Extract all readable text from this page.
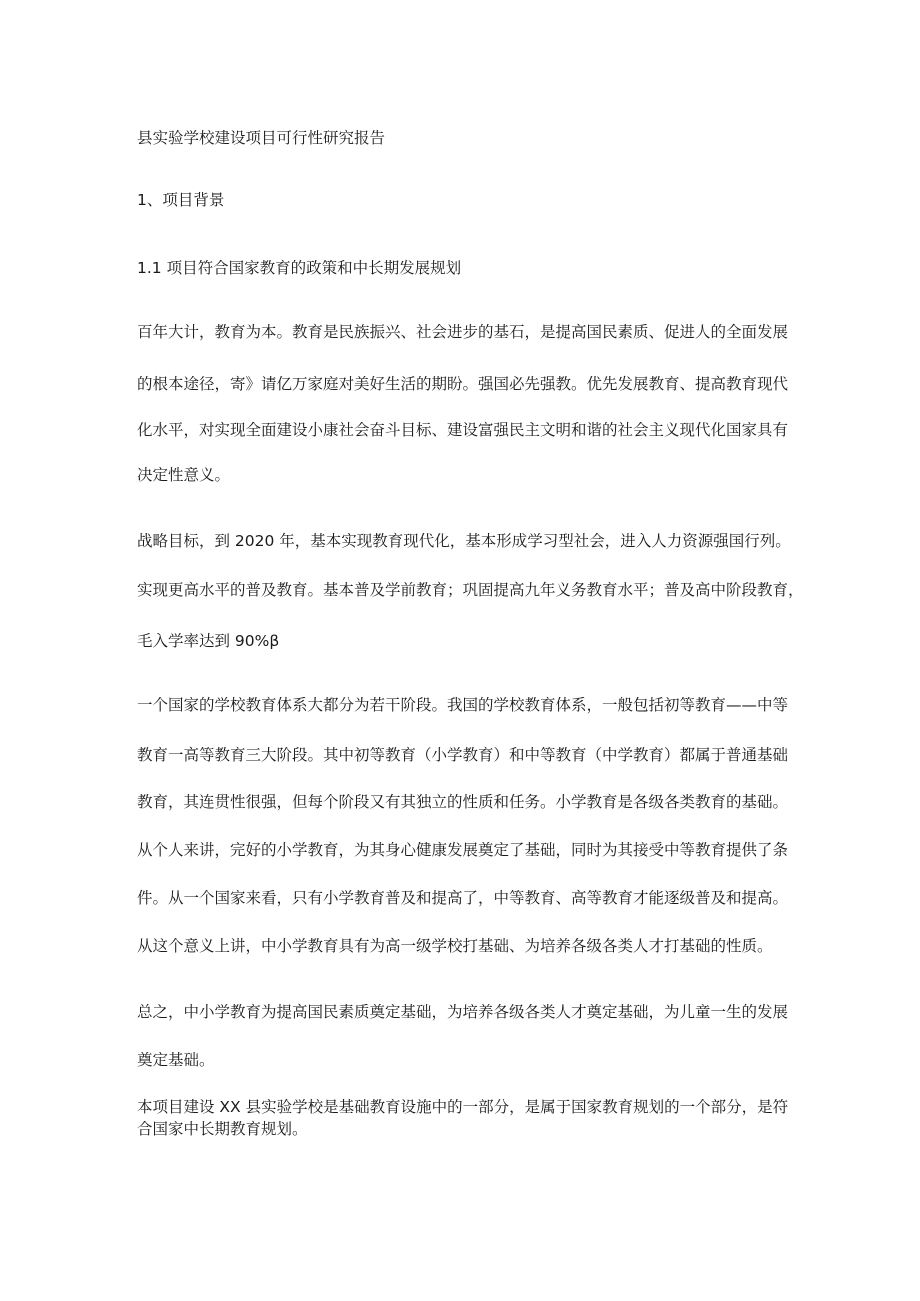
县实验学校建设项目可行性研究报告
1、项目背景
1.1 项目符合国家教育的政策和中长期发展规划
百年大计，教育为本。教育是民族振兴、社会进步的基石，是提高国民素质、促进人的全面发展
的根本途径，寄》请亿万家庭对美好生活的期盼。强国必先强教。优先发展教育、提高教育现代
化水平，对实现全面建设小康社会奋斗目标、建设富强民主文明和谐的社会主义现代化国家具有
决定性意义。
战略目标，到 2020 年，基本实现教育现代化，基本形成学习型社会，进入人力资源强国行列。
实现更高水平的普及教育。基本普及学前教育；巩固提高九年义务教育水平；普及高中阶段教育，
毛入学率达到 90%β
一个国家的学校教育体系大都分为若干阶段。我国的学校教育体系，一般包括初等教育——中等
教育一高等教育三大阶段。其中初等教育（小学教育）和中等教育（中学教育）都属于普通基础
教育，其连贯性很强，但每个阶段又有其独立的性质和任务。小学教育是各级各类教育的基础。
从个人来讲，完好的小学教育，为其身心健康发展奠定了基础，同时为其接受中等教育提供了条
件。从一个国家来看，只有小学教育普及和提高了，中等教育、高等教育才能逐级普及和提高。
从这个意义上讲，中小学教育具有为高一级学校打基础、为培养各级各类人才打基础的性质。
总之，中小学教育为提高国民素质奠定基础，为培养各级各类人才奠定基础，为儿童一生的发展
奠定基础。
本项目建设 XX 县实验学校是基础教育设施中的一部分，是属于国家教育规划的一个部分，是符
合国家中长期教育规划。
